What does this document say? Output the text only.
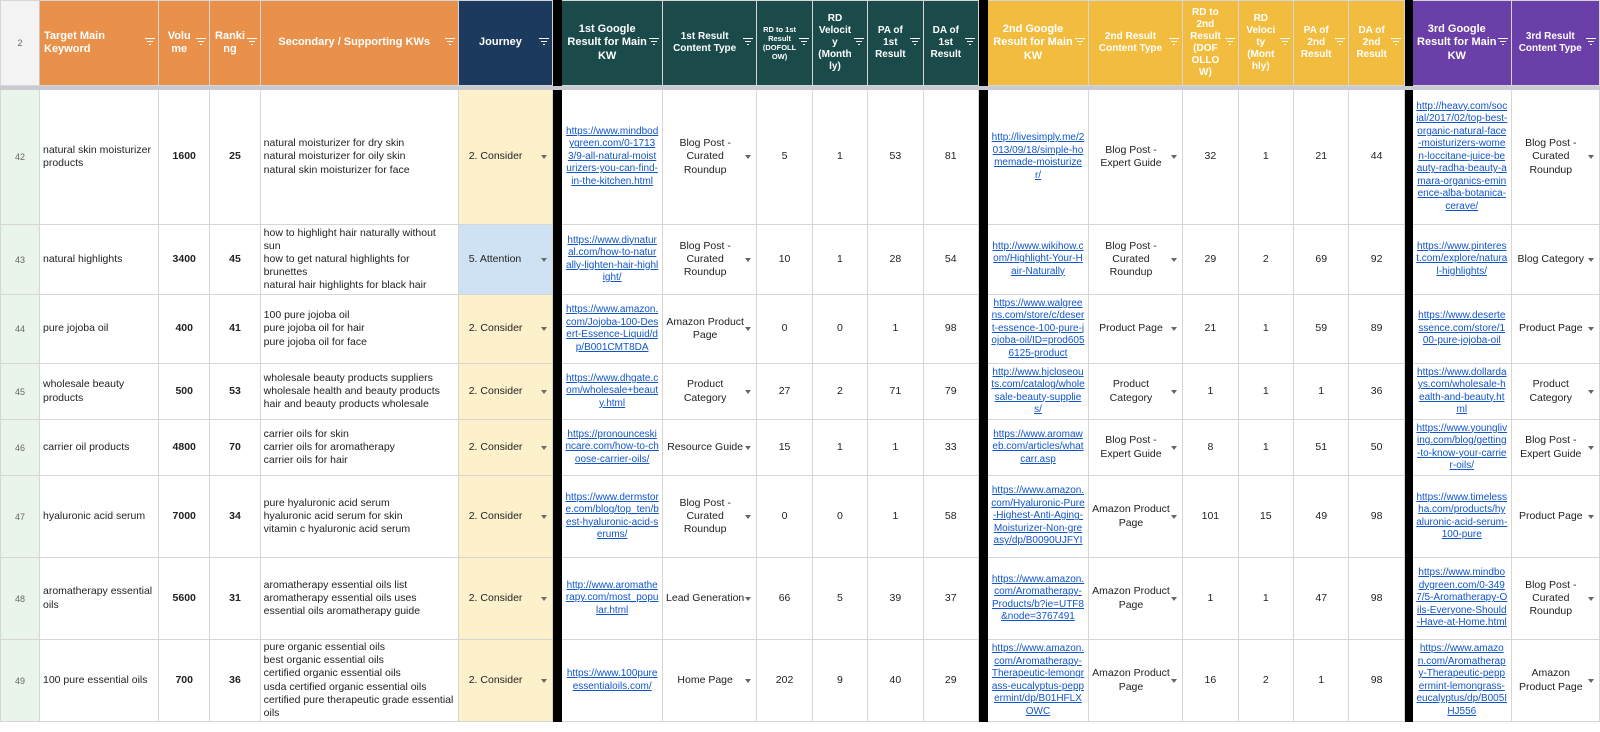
2	Target Main Keyword	Volu me	Ranki ng	Secondary / Supporting KWs	Journey		1st Google Result for Main KW	1st Result Content Type	RD to 1st Result (DOFOLL OW)	RD Velocit y (Month ly)	PA of 1st Result	DA of 1st Result		2nd Google Result for Main KW	2nd Result Content Type	RD to 2nd Result (DOF OLLO W)	RD Veloci ty (Mont hly)	PA of 2nd Result	DA of 2nd Result		3rd Google Result for Main KW	3rd Result Content Type

42	natural skin moisturizer products	1600	25	natural moisturizer for dry skin
natural moisturizer for oily skin
natural skin moisturizer for face	2. Consider		https://www.mindbodygreen.com/0-17133/9-all-natural-moisturizers-you-can-find-in-the-kitchen.html	Blog Post - Curated Roundup	5	1	53	81		http://livesimply.me/2013/09/18/simple-homemade-moisturizer/	Blog Post - Expert Guide	32	1	21	44		http://heavy.com/social/2017/02/top-best-organic-natural-face-moisturizers-women-loccitane-juice-beauty-radha-beauty-amara-organics-eminence-alba-botanica-cerave/	Blog Post - Curated Roundup

43	natural highlights	3400	45	how to highlight hair naturally without sun
how to get natural highlights for brunettes
natural hair highlights for black hair	5. Attention		https://www.diynatural.com/how-to-naturally-lighten-hair-highlight/	Blog Post - Curated Roundup	10	1	28	54		http://www.wikihow.com/Highlight-Your-Hair-Naturally	Blog Post - Curated Roundup	29	2	69	92		https://www.pinterest.com/explore/natural-highlights/	Blog Category

44	pure jojoba oil	400	41	100 pure jojoba oil
pure jojoba oil for hair
pure jojoba oil for face	2. Consider		https://www.amazon.com/Jojoba-100-Desert-Essence-Liquid/dp/B001CMT8DA	Amazon Product Page	0	0	1	98		https://www.walgreens.com/store/c/desert-essence-100-pure-jojoba-oil/ID=prod6056125-product	Product Page	21	1	59	89		https://www.desertessence.com/store/100-pure-jojoba-oil	Product Page

45	wholesale beauty products	500	53	wholesale beauty products suppliers
wholesale health and beauty products
hair and beauty products wholesale	2. Consider		https://www.dhgate.com/wholesale+beauty.html	Product Category	27	2	71	79		http://www.hjcloseouts.com/catalog/wholesale-beauty-supplies/	Product Category	1	1	1	36		https://www.dollardays.com/wholesale-health-and-beauty.html	Product Category

46	carrier oil products	4800	70	carrier oils for skin
carrier oils for aromatherapy
carrier oils for hair	2. Consider		https://pronounceskincare.com/how-to-choose-carrier-oils/	Resource Guide	15	1	1	33		https://www.aromaweb.com/articles/whatcarr.asp	Blog Post - Expert Guide	8	1	51	50		https://www.youngliving.com/blog/getting-to-know-your-carrier-oils/	Blog Post - Expert Guide

47	hyaluronic acid serum	7000	34	pure hyaluronic acid serum
hyaluronic acid serum for skin
vitamin c hyaluronic acid serum	2. Consider		https://www.dermstore.com/blog/top_ten/best-hyaluronic-acid-serums/	Blog Post - Curated Roundup	0	0	1	58		https://www.amazon.com/Hyaluronic-Pure-Highest-Anti-Aging-Moisturizer-Non-greasy/dp/B0090UJFYI	Amazon Product Page	101	15	49	98		https://www.timelessha.com/products/hyaluronic-acid-serum-100-pure	Product Page

48	aromatherapy essential oils	5600	31	aromatherapy essential oils list
aromatherapy essential oils uses
essential oils aromatherapy guide	2. Consider		http://www.aromatherapy.com/most_popular.html	Lead Generation	66	5	39	37		https://www.amazon.com/Aromatherapy-Products/b?ie=UTF8&node=3767491	Amazon Product Page	1	1	47	98		https://www.mindbodygreen.com/0-3497/5-Aromatherapy-Oils-Everyone-Should-Have-at-Home.html	Blog Post - Curated Roundup

49	100 pure essential oils	700	36	pure organic essential oils
best organic essential oils
certified organic essential oils
usda certified organic essential oils
certified pure therapeutic grade essential oils	2. Consider		https://www.100pureessentialoils.com/	Home Page	202	9	40	29		https://www.amazon.com/Aromatherapy-Therapeutic-lemongrass-eucalyptus-peppermint/dp/B01HFLXOWC	Amazon Product Page	16	2	1	98		https://www.amazon.com/Aromatherapy-Therapeutic-peppermint-lemongrass-eucalyptus/dp/B005IHJ556	Amazon Product Page
